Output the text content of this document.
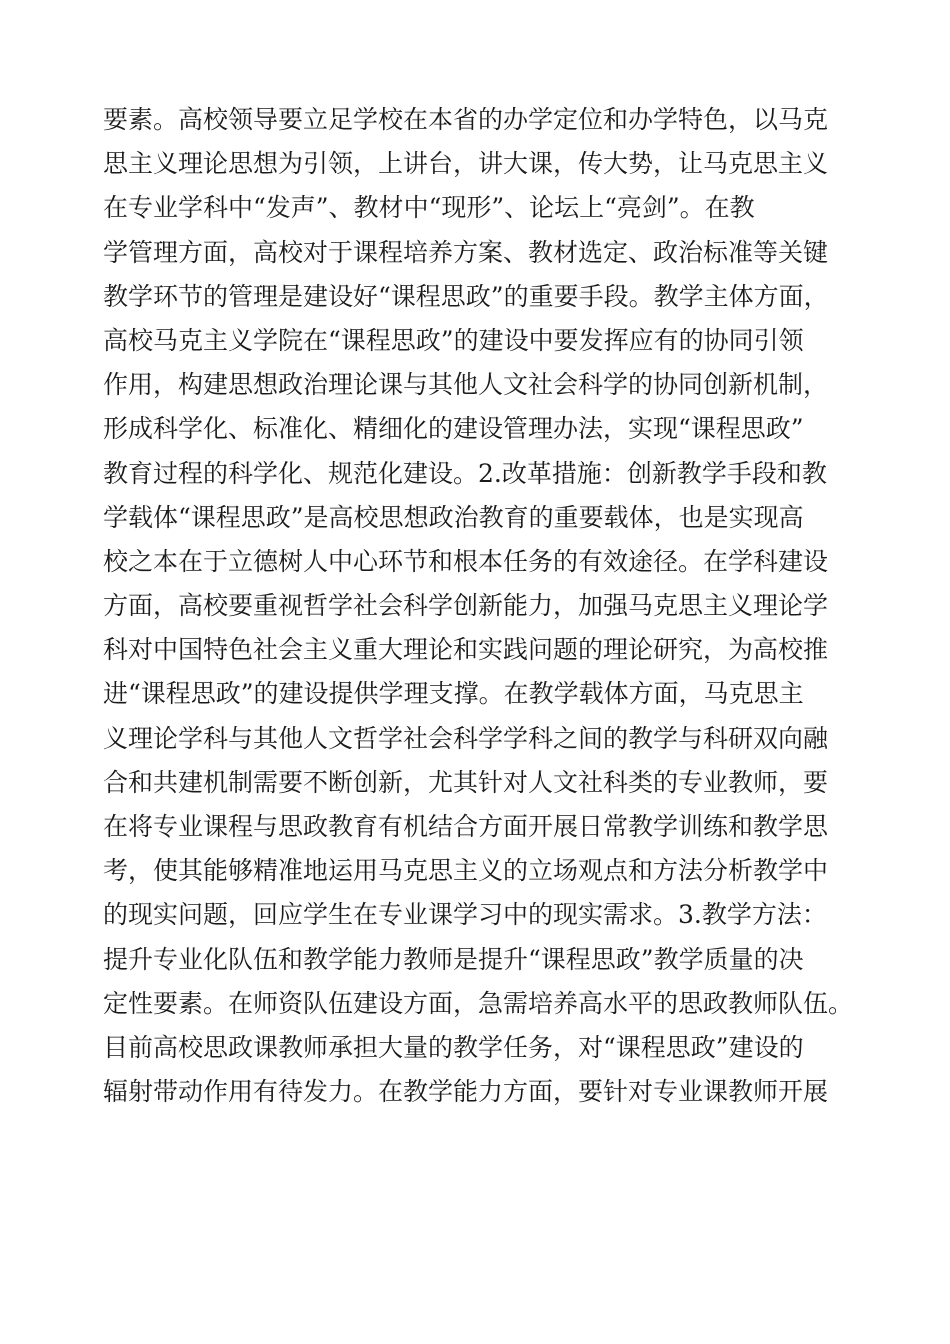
要素。高校领导要立足学校在本省的办学定位和办学特色，以马克
思主义理论思想为引领，上讲台，讲大课，传大势，让马克思主义
在专业学科中“发声”、教材中“现形”、论坛上“亮剑”。在教
学管理方面，高校对于课程培养方案、教材选定、政治标准等关键
教学环节的管理是建设好“课程思政”的重要手段。教学主体方面，
高校马克主义学院在“课程思政”的建设中要发挥应有的协同引领
作用，构建思想政治理论课与其他人文社会科学的协同创新机制，
形成科学化、标准化、精细化的建设管理办法，实现“课程思政”
教育过程的科学化、规范化建设。2.改革措施：创新教学手段和教
学载体“课程思政”是高校思想政治教育的重要载体，也是实现高
校之本在于立德树人中心环节和根本任务的有效途径。在学科建设
方面，高校要重视哲学社会科学创新能力，加强马克思主义理论学
科对中国特色社会主义重大理论和实践问题的理论研究，为高校推
进“课程思政”的建设提供学理支撑。在教学载体方面，马克思主
义理论学科与其他人文哲学社会科学学科之间的教学与科研双向融
合和共建机制需要不断创新，尤其针对人文社科类的专业教师，要
在将专业课程与思政教育有机结合方面开展日常教学训练和教学思
考，使其能够精准地运用马克思主义的立场观点和方法分析教学中
的现实问题，回应学生在专业课学习中的现实需求。3.教学方法：
提升专业化队伍和教学能力教师是提升“课程思政”教学质量的决
定性要素。在师资队伍建设方面，急需培养高水平的思政教师队伍。
目前高校思政课教师承担大量的教学任务，对“课程思政”建设的
辐射带动作用有待发力。在教学能力方面，要针对专业课教师开展
